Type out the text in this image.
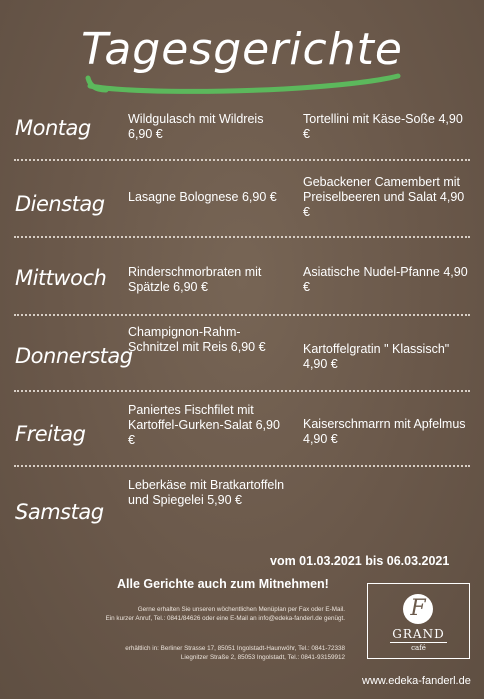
Tagesgerichte
Montag	Wildgulasch mit Wildreis 6,90 €
Tortellini mit Käse-Soße 4,90 €
Dienstag Lasagne Bolognese 6,90 €
Gebackener Camembert mit Preiselbeeren und Salat 4,90 €
Mittwoch Rinderschmorbraten mit Spätzle 6,90 €
Asiatische Nudel-Pfanne 4,90 €
Donnerstag
Champignon-Rahm-Schnitzel mit Reis 6,90 €	Kartoffelgratin " Klassisch" 4,90 €
Freitag
Paniertes Fischfilet mit Kartoffel-Gurken-Salat 6,90 €
Kaiserschmarrn mit Apfelmus 4,90 €
Samstag
Leberkäse mit Bratkartoffeln und Spiegelei 5,90 €
vom 01.03.2021 bis 06.03.2021
Alle Gerichte auch zum Mitnehmen!
Gerne erhalten Sie unseren wöchentlichen Menüplan per Fax oder E-Mail.
Ein kurzer Anruf, Tel.: 0841/84626 oder eine E-Mail an info@edeka-fanderl.de genügt.
erhältlich in: Berliner Strasse 17, 85051 Ingolstadt-Haunwöhr, Tel.: 0841-72338
Liegnitzer Straße 2, 85053 Ingolstadt, Tel.: 0841-93159912
F
GRAND
café
www.edeka-fanderl.de
